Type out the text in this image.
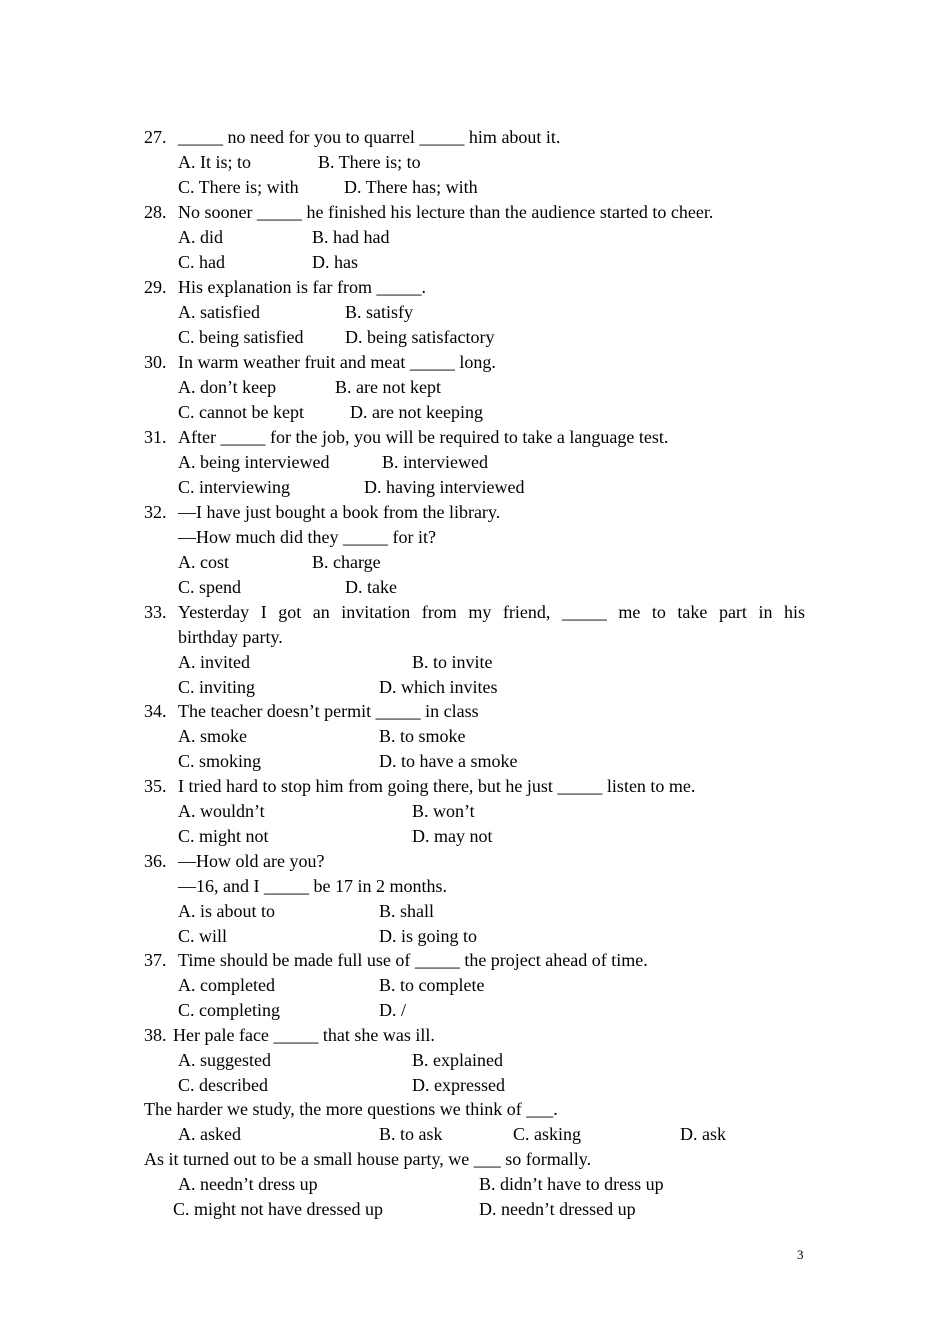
27. _____ no need for you to quarrel _____ him about it.
A. It is; to	B. There is; to
C. There is; with	D. There has; with
28. No sooner _____ he finished his lecture than the audience started to cheer.
A. did	B. had had
C. had	D. has
29. His explanation is far from _____.
A. satisfied	B. satisfy
C. being satisfied D. being satisfactory
30. In warm weather fruit and meat _____ long.
A. don’t keep	B. are not kept
C. cannot be kept	D. are not keeping
31. After _____ for the job, you will be required to take a language test.
A. being interviewed	B. interviewed
C. interviewing	D. having interviewed
32. —I have just bought a book from the library.
—How much did they _____ for it?
A. cost	B. charge
C. spend	D. take
33. Yesterday I got an invitation from my friend, _____ me to take part in his
birthday party.
A. invited	B. to invite
C. inviting	D. which invites
34. The teacher doesn’t permit _____ in class
A. smoke	B. to smoke
C. smoking	D. to have a smoke
35. I tried hard to stop him from going there, but he just _____ listen to me.
A. wouldn’t	B. won’t
C. might not	D. may not
36. —How old are you?
—16, and I _____ be 17 in 2 months.
A. is about to	B. shall
C. will	D. is going to
37. Time should be made full use of _____ the project ahead of time.
A. completed	B. to complete
C. completing	D. /
38. Her pale face _____ that she was ill.
A. suggested	B. explained
C. described	D. expressed
The harder we study, the more questions we think of ___.
A. asked	B. to ask	C. asking	D. ask
As it turned out to be a small house party, we ___ so formally.
A. needn’t dress up	B. didn’t have to dress up
C. might not have dressed up	D. needn’t dressed up
3
